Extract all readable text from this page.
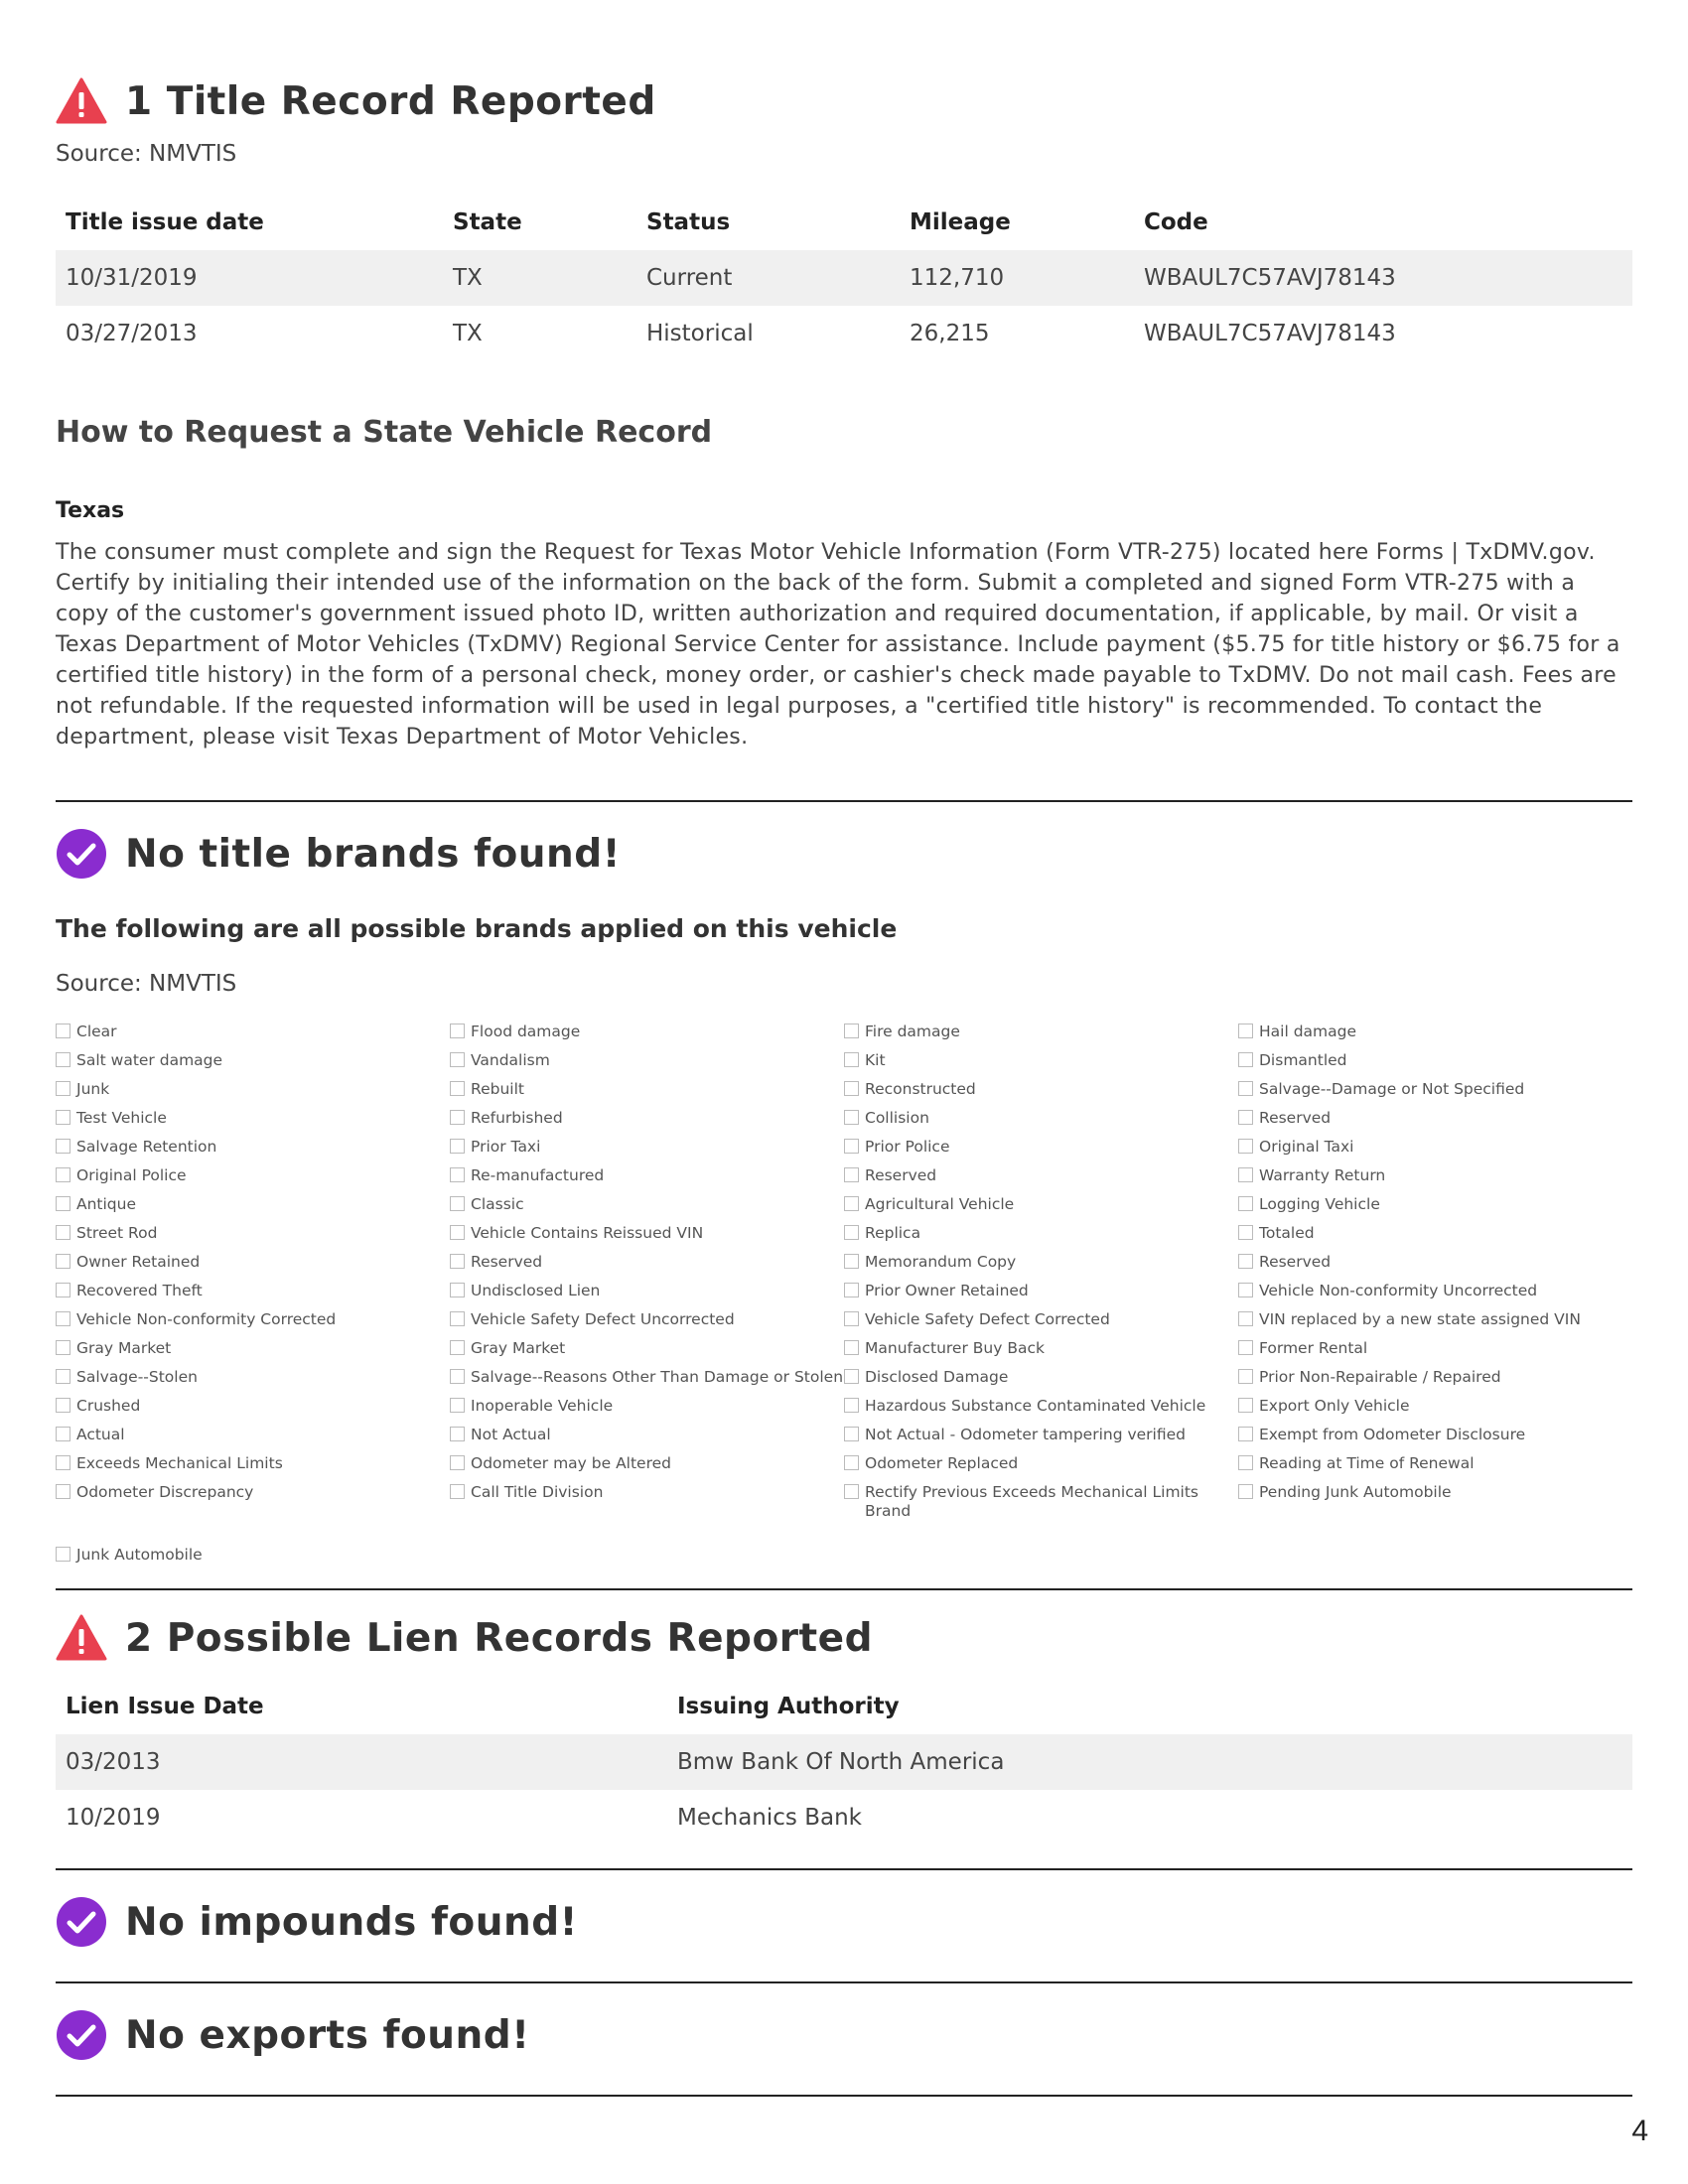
1 Title Record Reported
Source: NMVTIS
Title issue date	State	Status	Mileage	Code
10/31/2019	TX	Current	112,710	WBAUL7C57AVJ78143
03/27/2013	TX	Historical	26,215	WBAUL7C57AVJ78143
How to Request a State Vehicle Record
Texas
The consumer must complete and sign the Request for Texas Motor Vehicle Information (Form VTR-275) located here Forms | TxDMV.gov. Certify by initialing their intended use of the information on the back of the form. Submit a completed and signed Form VTR-275 with a copy of the customer's government issued photo ID, written authorization and required documentation, if applicable, by mail. Or visit a Texas Department of Motor Vehicles (TxDMV) Regional Service Center for assistance. Include payment ($5.75 for title history or $6.75 for a certified title history) in the form of a personal check, money order, or cashier's check made payable to TxDMV. Do not mail cash. Fees are not refundable. If the requested information will be used in legal purposes, a "certified title history" is recommended. To contact the department, please visit Texas Department of Motor Vehicles.
No title brands found!
The following are all possible brands applied on this vehicle
Source: NMVTIS
Clear	Flood damage	Fire damage	Hail damage
Salt water damage	Vandalism	Kit	Dismantled
Junk	Rebuilt	Reconstructed	Salvage--Damage or Not Specified
Test Vehicle	Refurbished	Collision	Reserved
Salvage Retention	Prior Taxi	Prior Police	Original Taxi
Original Police	Re-manufactured	Reserved	Warranty Return
Antique	Classic	Agricultural Vehicle	Logging Vehicle
Street Rod	Vehicle Contains Reissued VIN	Replica	Totaled
Owner Retained	Reserved	Memorandum Copy	Reserved
Recovered Theft	Undisclosed Lien	Prior Owner Retained	Vehicle Non-conformity Uncorrected
Vehicle Non-conformity Corrected	Vehicle Safety Defect Uncorrected	Vehicle Safety Defect Corrected	VIN replaced by a new state assigned VIN
Gray Market	Gray Market	Manufacturer Buy Back	Former Rental
Salvage--Stolen	Salvage--Reasons Other Than Damage or Stolen Disclosed Damage	Prior Non-Repairable / Repaired
Crushed	Inoperable Vehicle	Hazardous Substance Contaminated Vehicle	Export Only Vehicle
Actual	Not Actual	Not Actual - Odometer tampering verified	Exempt from Odometer Disclosure
Exceeds Mechanical Limits	Odometer may be Altered	Odometer Replaced	Reading at Time of Renewal
Odometer Discrepancy	Call Title Division	Rectify Previous Exceeds Mechanical Limits Brand
Pending Junk Automobile
Junk Automobile
2 Possible Lien Records Reported
Lien Issue Date	Issuing Authority
03/2013	Bmw Bank Of North America
10/2019	Mechanics Bank
No impounds found!
No exports found!
4
